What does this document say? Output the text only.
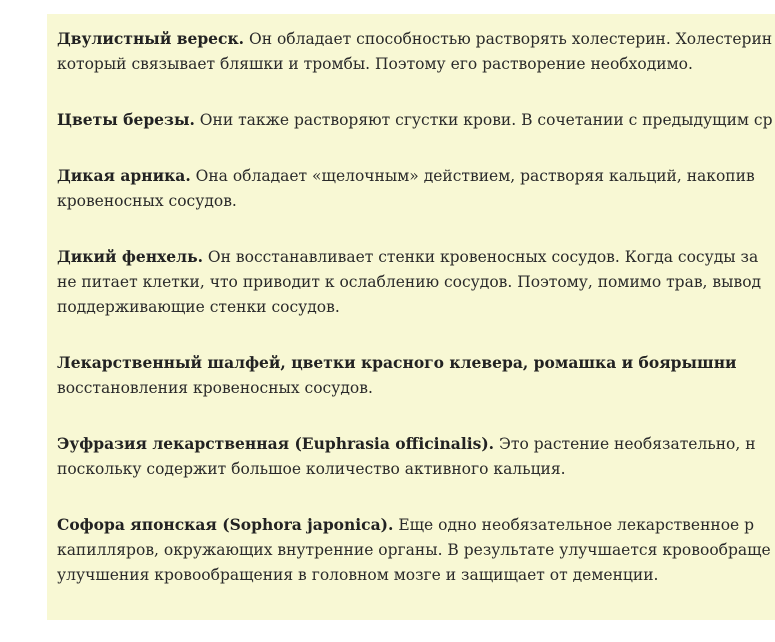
Двулистный вереск. Он обладает способностью растворять холестерин. Холестерин
который связывает бляшки и тромбы. Поэтому его растворение необходимо.

Цветы березы. Они также растворяют сгустки крови. В сочетании с предыдущим ср

Дикая арника. Она обладает «щелочным» действием, растворяя кальций, накопив
кровеносных сосудов.

Дикий фенхель. Он восстанавливает стенки кровеносных сосудов. Когда сосуды за
не питает клетки, что приводит к ослаблению сосудов. Поэтому, помимо трав, вывод
поддерживающие стенки сосудов.

Лекарственный шалфей, цветки красного клевера, ромашка и боярышни
восстановления кровеносных сосудов.

Эуфразия лекарственная (Euphrasia officinalis). Это растение необязательно, н
поскольку содержит большое количество активного кальция.

Софора японская (Sophora japonica). Еще одно необязательное лекарственное р
капилляров, окружающих внутренние органы. В результате улучшается кровообраще
улучшения кровообращения в головном мозге и защищает от деменции.
